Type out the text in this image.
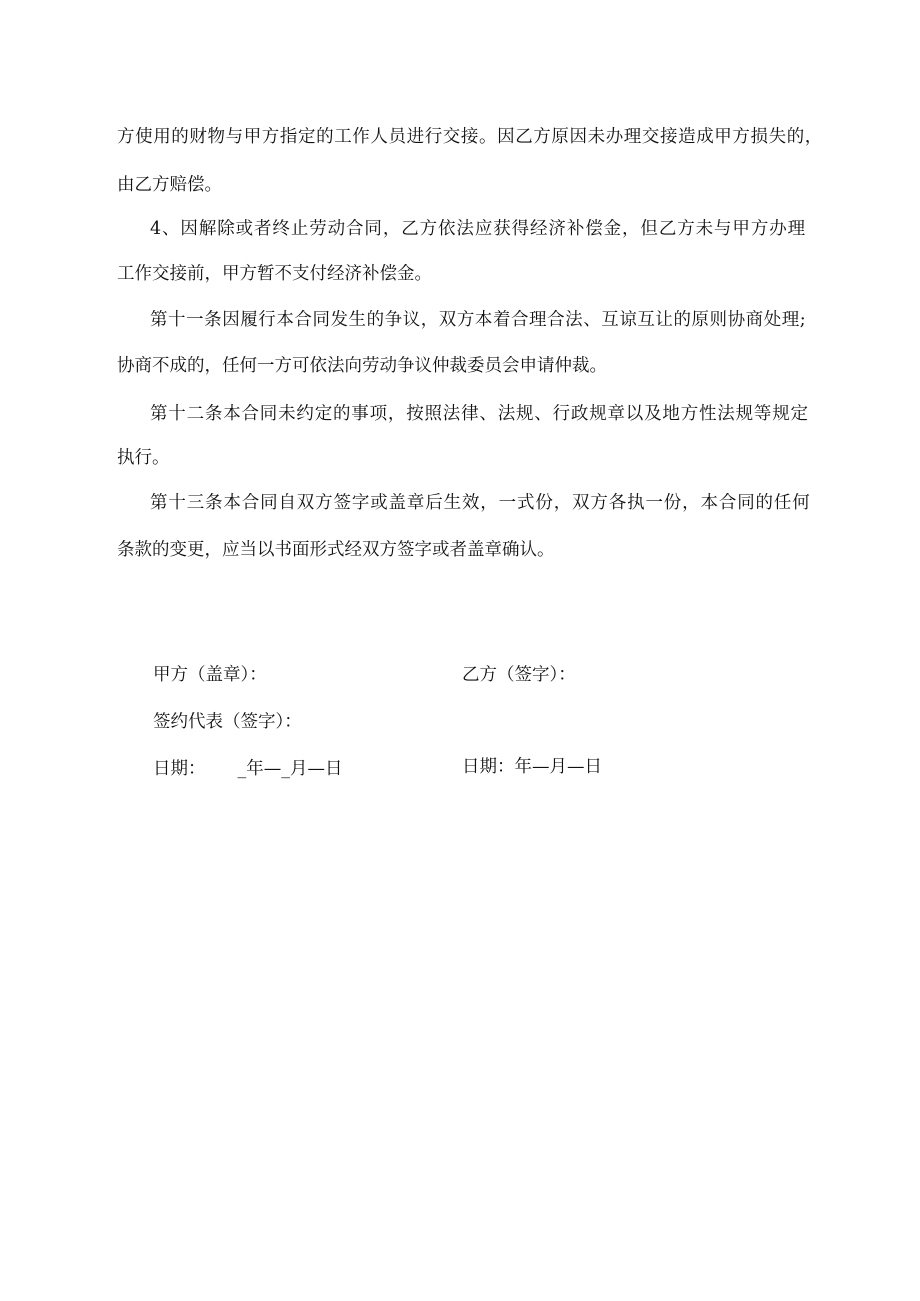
方使用的财物与甲方指定的工作人员进行交接。因乙方原因未办理交接造成甲方损失的，
由乙方赔偿。
4、因解除或者终止劳动合同，乙方依法应获得经济补偿金，但乙方未与甲方办理
工作交接前，甲方暂不支付经济补偿金。
第十一条因履行本合同发生的争议，双方本着合理合法、互谅互让的原则协商处理;
协商不成的，任何一方可依法向劳动争议仲裁委员会申请仲裁。
第十二条本合同未约定的事项，按照法律、法规、行政规章以及地方性法规等规定
执行。
第十三条本合同自双方签字或盖章后生效，一式份，双方各执一份，本合同的任何
条款的变更，应当以书面形式经双方签字或者盖章确认。
甲方（盖章）：	乙方（签字）：
签约代表（签字）：
日期： _年—_月—日	日期：年—月—日
